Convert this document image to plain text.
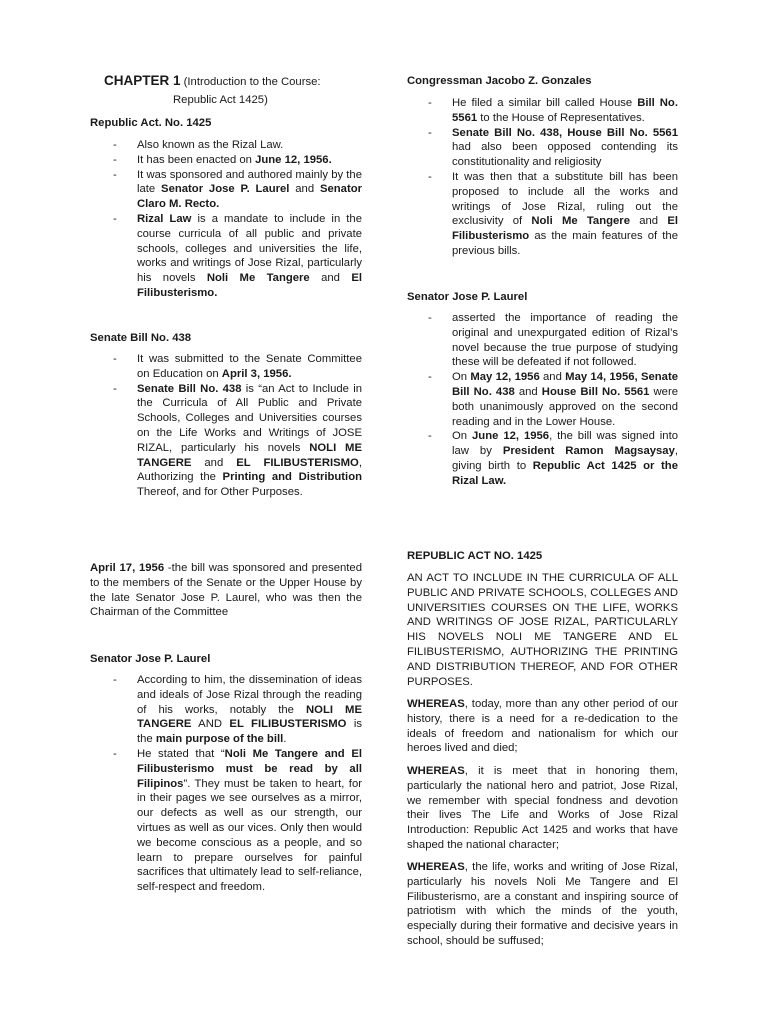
CHAPTER 1 (Introduction to the Course:
Republic Act 1425)
Republic Act. No. 1425
- Also known as the Rizal Law.
- It has been enacted on June 12, 1956.
- It was sponsored and authored mainly by the late Senator Jose P. Laurel and Senator Claro M. Recto.
- Rizal Law is a mandate to include in the course curricula of all public and private schools, colleges and universities the life, works and writings of Jose Rizal, particularly his novels Noli Me Tangere and El Filibusterismo.
Senate Bill No. 438
- It was submitted to the Senate Committee on Education on April 3, 1956.
- Senate Bill No. 438 is “an Act to Include in the Curricula of All Public and Private Schools, Colleges and Universities courses on the Life Works and Writings of JOSE RIZAL, particularly his novels NOLI ME TANGERE and EL FILIBUSTERISMO, Authorizing the Printing and Distribution Thereof, and for Other Purposes.
April 17, 1956 -the bill was sponsored and presented to the members of the Senate or the Upper House by the late Senator Jose P. Laurel, who was then the Chairman of the Committee
Senator Jose P. Laurel
- According to him, the dissemination of ideas and ideals of Jose Rizal through the reading of his works, notably the NOLI ME TANGERE AND EL FILIBUSTERISMO is the main purpose of the bill.
- He stated that “Noli Me Tangere and El Filibusterismo must be read by all Filipinos”. They must be taken to heart, for in their pages we see ourselves as a mirror, our defects as well as our strength, our virtues as well as our vices. Only then would we become conscious as a people, and so learn to prepare ourselves for painful sacrifices that ultimately lead to self-reliance, self-respect and freedom.
Congressman Jacobo Z. Gonzales
- He filed a similar bill called House Bill No. 5561 to the House of Representatives.
- Senate Bill No. 438, House Bill No. 5561 had also been opposed contending its constitutionality and religiosity
- It was then that a substitute bill has been proposed to include all the works and writings of Jose Rizal, ruling out the exclusivity of Noli Me Tangere and El Filibusterismo as the main features of the previous bills.
Senator Jose P. Laurel
- asserted the importance of reading the original and unexpurgated edition of Rizal’s novel because the true purpose of studying these will be defeated if not followed.
- On May 12, 1956 and May 14, 1956, Senate Bill No. 438 and House Bill No. 5561 were both unanimously approved on the second reading and in the Lower House.
- On June 12, 1956, the bill was signed into law by President Ramon Magsaysay, giving birth to Republic Act 1425 or the Rizal Law.
REPUBLIC ACT NO. 1425
AN ACT TO INCLUDE IN THE CURRICULA OF ALL PUBLIC AND PRIVATE SCHOOLS, COLLEGES AND UNIVERSITIES COURSES ON THE LIFE, WORKS AND WRITINGS OF JOSE RIZAL, PARTICULARLY HIS NOVELS NOLI ME TANGERE AND EL FILIBUSTERISMO, AUTHORIZING THE PRINTING AND DISTRIBUTION THEREOF, AND FOR OTHER PURPOSES.
WHEREAS, today, more than any other period of our history, there is a need for a re-dedication to the ideals of freedom and nationalism for which our heroes lived and died;
WHEREAS, it is meet that in honoring them, particularly the national hero and patriot, Jose Rizal, we remember with special fondness and devotion their lives The Life and Works of Jose Rizal Introduction: Republic Act 1425 and works that have shaped the national character;
WHEREAS, the life, works and writing of Jose Rizal, particularly his novels Noli Me Tangere and El Filibusterismo, are a constant and inspiring source of patriotism with which the minds of the youth, especially during their formative and decisive years in school, should be suffused;
